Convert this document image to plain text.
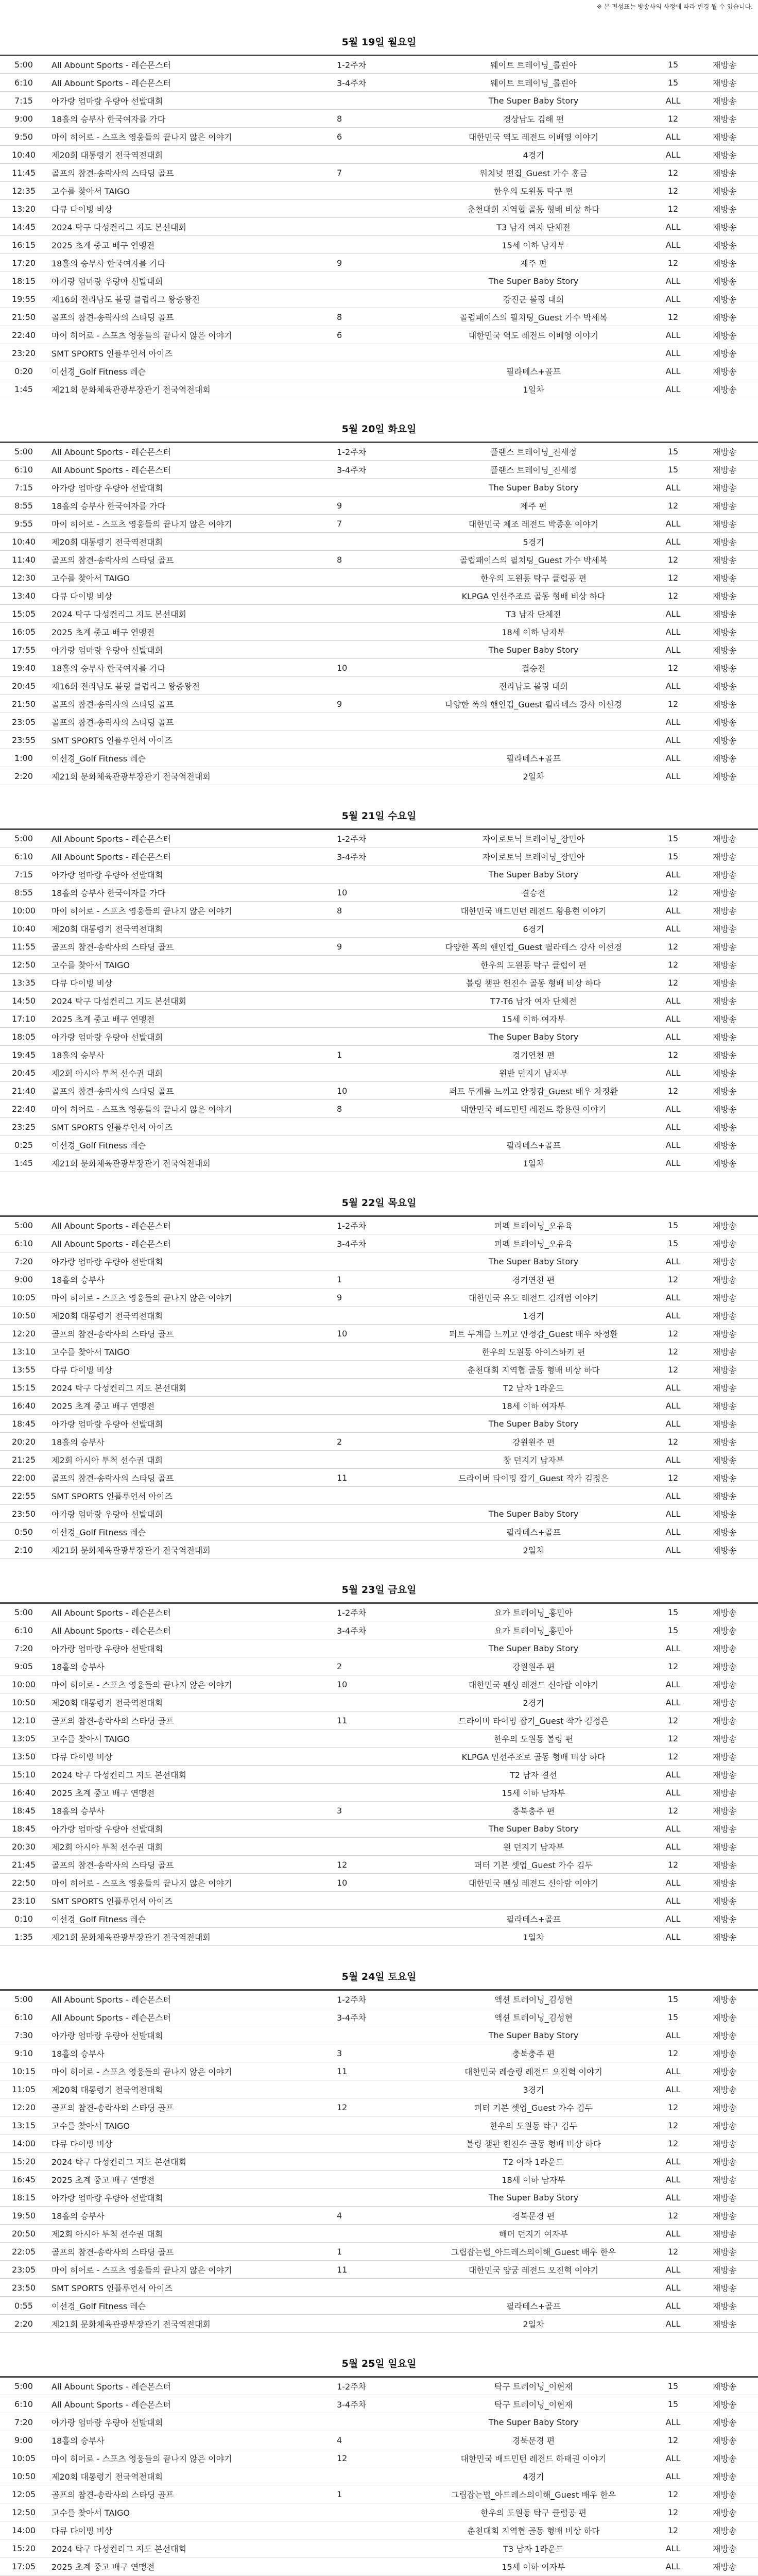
※ 본 편성표는 방송사의 사정에 따라 변경 될 수 있습니다.
5월 19일 월요일
5:00	All Abount Sports - 레슨몬스터	1-2주차	웨이트 트레이닝_롤린아	15	재방송
6:10	All Abount Sports - 레슨몬스터	3-4주차	웨이트 트레이닝_롤린아	15	재방송
7:15	아가랑 엄마랑 우량아 선발대회		The Super Baby Story	ALL	재방송
9:00	18홀의 승부사 한국여자를 가다	8	경상남도 김해 편	12	재방송
9:50	마이 히어로 - 스포츠 영웅들의 끝나지 않은 이야기	6	대한민국 역도 레전드 이배영 이야기	ALL	재방송
10:40	제20회 대통령기 전국역전대회		4경기	ALL	재방송
11:45	골프의 참견-송락사의 스타딩 골프	7	워치넛 편집_Guest 가수 홍금	12	재방송
12:35	고수를 찾아서 TAIGO		한우의 도원동 탁구 편	12	재방송
13:20	다큐 다이빙 비상		춘천대회 지역협 골동 형배 비상 하다	12	재방송
14:45	2024 탁구 다성컨리그 지도 본선대회		T3 남자 여자 단체전	ALL	재방송
16:15	2025 초계 중고 배구 연맹전		15세 이하 남자부	ALL	재방송
17:20	18홀의 승부사 한국여자를 가다	9	제주 편	12	재방송
18:15	아가랑 엄마랑 우량아 선발대회		The Super Baby Story	ALL	재방송
19:55	제16회 전라남도 볼링 클럽리그 왕중왕전		강진군 볼링 대회	ALL	재방송
21:50	골프의 참견-송락사의 스타딩 골프	8	골럽패이스의 필치팅_Guest 가수 박세복	12	재방송
22:40	마이 히어로 - 스포츠 영웅들의 끝나지 않은 이야기	6	대한민국 역도 레전드 이배영 이야기	ALL	재방송
23:20	SMT SPORTS 인플루언서 아이즈			ALL	재방송
0:20	이선경_Golf Fitness 레슨		필라테스+골프	ALL	재방송
1:45	제21회 문화체육관광부장관기 전국역전대회		1일차	ALL	재방송
5월 20일 화요일
5:00	All Abount Sports - 레슨몬스터	1-2주차	플랜스 트레이닝_진세정	15	재방송
6:10	All Abount Sports - 레슨몬스터	3-4주차	플랜스 트레이닝_진세정	15	재방송
7:15	아가랑 엄마랑 우량아 선발대회		The Super Baby Story	ALL	재방송
8:55	18홀의 승부사 한국여자를 가다	9	제주 편	12	재방송
9:55	마이 히어로 - 스포츠 영웅들의 끝나지 않은 이야기	7	대한민국 체조 레전드 박종훈 이야기	ALL	재방송
10:40	제20회 대통령기 전국역전대회		5경기	ALL	재방송
11:40	골프의 참견-송락사의 스타딩 골프	8	골럽패이스의 필치팅_Guest 가수 박세복	12	재방송
12:30	고수를 찾아서 TAIGO		한우의 도원동 탁구 클럽공 편	12	재방송
13:40	다큐 다이빙 비상		KLPGA 인선주조로 골동 형배 비상 하다	12	재방송
15:05	2024 탁구 다성컨리그 지도 본선대회		T3 남자 단체전	ALL	재방송
16:05	2025 초계 중고 배구 연맹전		18세 이하 남자부	ALL	재방송
17:55	아가랑 엄마랑 우량아 선발대회		The Super Baby Story	ALL	재방송
19:40	18홀의 승부사 한국여자를 가다	10	결승전	12	재방송
20:45	제16회 전라남도 볼링 클럽리그 왕중왕전		전라남도 볼링 대회	ALL	재방송
21:50	골프의 참견-송락사의 스타딩 골프	9	다양한 폭의 핸인컵_Guest 필라테스 강사 이선경	12	재방송
23:05	골프의 참견-송락사의 스타딩 골프			ALL	재방송
23:55	SMT SPORTS 인플루언서 아이즈			ALL	재방송
1:00	이선경_Golf Fitness 레슨		필라테스+골프	ALL	재방송
2:20	제21회 문화체육관광부장관기 전국역전대회		2일차	ALL	재방송
5월 21일 수요일
5:00	All Abount Sports - 레슨몬스터	1-2주차	자이로토닉 트레이닝_장민아	15	재방송
6:10	All Abount Sports - 레슨몬스터	3-4주차	자이로토닉 트레이닝_장민아	15	재방송
7:15	아가랑 엄마랑 우량아 선발대회		The Super Baby Story	ALL	재방송
8:55	18홀의 승부사 한국여자를 가다	10	결승전	12	재방송
10:00	마이 히어로 - 스포츠 영웅들의 끝나지 않은 이야기	8	대한민국 배드민턴 레전드 황용현 이야기	ALL	재방송
10:40	제20회 대통령기 전국역전대회		6경기	ALL	재방송
11:55	골프의 참견-송락사의 스타딩 골프	9	다양한 폭의 핸인컵_Guest 필라테스 강사 이선경	12	재방송
12:50	고수를 찾아서 TAIGO		한우의 도원동 탁구 클럽이 편	12	재방송
13:35	다큐 다이빙 비상		볼링 챔판 헌진수 골동 형배 비상 하다	12	재방송
14:50	2024 탁구 다성컨리그 지도 본선대회		T7-T6 남자 여자 단체전	ALL	재방송
17:10	2025 초계 중고 배구 연맹전		15세 이하 여자부	ALL	재방송
18:05	아가랑 엄마랑 우량아 선발대회		The Super Baby Story	ALL	재방송
19:45	18홀의 승부사	1	경기연천 편	12	재방송
20:45	제2회 아시아 투척 선수권 대회		원반 던지기 남자부	ALL	재방송
21:40	골프의 참견-송락사의 스타딩 골프	10	퍼트 두계를 느끼고 안정감_Guest 배우 차정환	12	재방송
22:40	마이 히어로 - 스포츠 영웅들의 끝나지 않은 이야기	8	대한민국 배드민턴 레전드 황용현 이야기	ALL	재방송
23:25	SMT SPORTS 인플루언서 아이즈			ALL	재방송
0:25	이선경_Golf Fitness 레슨		필라테스+골프	ALL	재방송
1:45	제21회 문화체육관광부장관기 전국역전대회		1일차	ALL	재방송
5월 22일 목요일
5:00	All Abount Sports - 레슨몬스터	1-2주차	퍼펙 트레이닝_오유육	15	재방송
6:10	All Abount Sports - 레슨몬스터	3-4주차	퍼펙 트레이닝_오유육	15	재방송
7:20	아가랑 엄마랑 우량아 선발대회		The Super Baby Story	ALL	재방송
9:00	18홀의 승부사	1	경기연천 편	12	재방송
10:05	마이 히어로 - 스포츠 영웅들의 끝나지 않은 이야기	9	대한민국 유도 레전드 김재범 이야기	ALL	재방송
10:50	제20회 대통령기 전국역전대회		1경기	ALL	재방송
12:20	골프의 참견-송락사의 스타딩 골프	10	퍼트 두계를 느끼고 안정감_Guest 배우 차정환	12	재방송
13:10	고수를 찾아서 TAIGO		한우의 도원동 아이스하키 편	12	재방송
13:55	다큐 다이빙 비상		춘천대회 지역협 골동 형배 비상 하다	12	재방송
15:15	2024 탁구 다성컨리그 지도 본선대회		T2 남자 1라운드	ALL	재방송
16:40	2025 초계 중고 배구 연맹전		18세 이하 여자부	ALL	재방송
18:45	아가랑 엄마랑 우량아 선발대회		The Super Baby Story	ALL	재방송
20:20	18홀의 승부사	2	강원원주 편	12	재방송
21:25	제2회 아시아 투척 선수권 대회		창 던지기 남자부	ALL	재방송
22:00	골프의 참견-송락사의 스타딩 골프	11	드라이버 타이밍 잡기_Guest 작가 김정은	12	재방송
22:55	SMT SPORTS 인플루언서 아이즈			ALL	재방송
23:50	아가랑 엄마랑 우량아 선발대회		The Super Baby Story	ALL	재방송
0:50	이선경_Golf Fitness 레슨		필라테스+골프	ALL	재방송
2:10	제21회 문화체육관광부장관기 전국역전대회		2일차	ALL	재방송
5월 23일 금요일
5:00	All Abount Sports - 레슨몬스터	1-2주차	요가 트레이닝_홍민아	15	재방송
6:10	All Abount Sports - 레슨몬스터	3-4주차	요가 트레이닝_홍민아	15	재방송
7:20	아가랑 엄마랑 우량아 선발대회		The Super Baby Story	ALL	재방송
9:05	18홀의 승부사	2	강원원주 편	12	재방송
10:00	마이 히어로 - 스포츠 영웅들의 끝나지 않은 이야기	10	대한민국 펜싱 레전드 신아람 이야기	ALL	재방송
10:50	제20회 대통령기 전국역전대회		2경기	ALL	재방송
12:10	골프의 참견-송락사의 스타딩 골프	11	드라이버 타이밍 잡기_Guest 작가 김정은	12	재방송
13:05	고수를 찾아서 TAIGO		한우의 도원동 볼링 편	12	재방송
13:50	다큐 다이빙 비상		KLPGA 인선주조로 골동 형배 비상 하다	12	재방송
15:10	2024 탁구 다성컨리그 지도 본선대회		T2 남자 결선	ALL	재방송
16:40	2025 초계 중고 배구 연맹전		15세 이하 남자부	ALL	재방송
18:45	18홀의 승부사	3	충북충주 편	12	재방송
18:45	아가랑 엄마랑 우량아 선발대회		The Super Baby Story	ALL	재방송
20:30	제2회 아시아 투척 선수권 대회		원 던지기 남자부	ALL	재방송
21:45	골프의 참견-송락사의 스타딩 골프	12	퍼터 기본 셋업_Guest 가수 김두	12	재방송
22:50	마이 히어로 - 스포츠 영웅들의 끝나지 않은 이야기	10	대한민국 펜싱 레전드 신아람 이야기	ALL	재방송
23:10	SMT SPORTS 인플루언서 아이즈			ALL	재방송
0:10	이선경_Golf Fitness 레슨		필라테스+골프	ALL	재방송
1:35	제21회 문화체육관광부장관기 전국역전대회		1일차	ALL	재방송
5월 24일 토요일
5:00	All Abount Sports - 레슨몬스터	1-2주차	액션 트레이닝_김성현	15	재방송
6:10	All Abount Sports - 레슨몬스터	3-4주차	액션 트레이닝_김성현	15	재방송
7:30	아가랑 엄마랑 우량아 선발대회		The Super Baby Story	ALL	재방송
9:10	18홀의 승부사	3	충북충주 편	12	재방송
10:15	마이 히어로 - 스포츠 영웅들의 끝나지 않은 이야기	11	대한민국 레슬링 레전드 오진혁 이야기	ALL	재방송
11:05	제20회 대통령기 전국역전대회		3경기	ALL	재방송
12:20	골프의 참견-송락사의 스타딩 골프	12	퍼터 기본 셋업_Guest 가수 김두	12	재방송
13:15	고수를 찾아서 TAIGO		한우의 도원동 탁구 김두	12	재방송
14:00	다큐 다이빙 비상		볼링 챔판 헌진수 골동 형배 비상 하다	12	재방송
15:20	2024 탁구 다성컨리그 지도 본선대회		T2 여자 1라운드	ALL	재방송
16:45	2025 초계 중고 배구 연맹전		18세 이하 남자부	ALL	재방송
18:15	아가랑 엄마랑 우량아 선발대회		The Super Baby Story	ALL	재방송
19:50	18홀의 승부사	4	경북문경 편	12	재방송
20:50	제2회 아시아 투척 선수권 대회		해머 던지기 여자부	ALL	재방송
22:05	골프의 참견-송락사의 스타딩 골프	1	그립잡는법_아드레스의이해_Guest 배우 한우	12	재방송
23:05	마이 히어로 - 스포츠 영웅들의 끝나지 않은 이야기	11	대한민국 양궁 레전드 오진혁 이야기	ALL	재방송
23:50	SMT SPORTS 인플루언서 아이즈			ALL	재방송
0:55	이선경_Golf Fitness 레슨		필라테스+골프	ALL	재방송
2:20	제21회 문화체육관광부장관기 전국역전대회		2일차	ALL	재방송
5월 25일 일요일
5:00	All Abount Sports - 레슨몬스터	1-2주차	탁구 트레이닝_이현재	15	재방송
6:10	All Abount Sports - 레슨몬스터	3-4주차	탁구 트레이닝_이현재	15	재방송
7:20	아가랑 엄마랑 우량아 선발대회		The Super Baby Story	ALL	재방송
9:00	18홀의 승부사	4	경북문경 편	12	재방송
10:05	마이 히어로 - 스포츠 영웅들의 끝나지 않은 이야기	12	대한민국 배드민턴 레전드 하태권 이야기	ALL	재방송
10:50	제20회 대통령기 전국역전대회		4경기	ALL	재방송
12:05	골프의 참견-송락사의 스타딩 골프	1	그립잡는법_아드레스의이해_Guest 배우 한우	12	재방송
12:50	고수를 찾아서 TAIGO		한우의 도원동 탁구 클럽공 편	12	재방송
14:00	다큐 다이빙 비상		춘천대회 지역협 골동 형배 비상 하다	12	재방송
15:20	2024 탁구 다성컨리그 지도 본선대회		T3 남자 1라운드	ALL	재방송
17:05	2025 초계 중고 배구 연맹전		15세 이하 여자부	ALL	재방송
